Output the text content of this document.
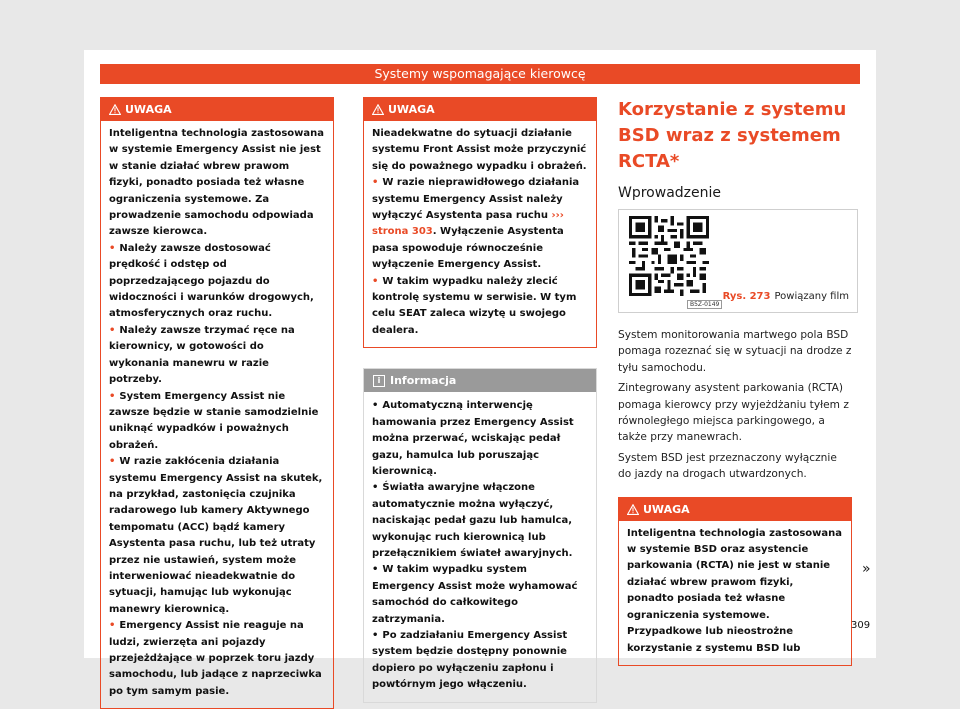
Systemy wspomagające kierowcę
UWAGA

Inteligentna technologia zastosowana w systemie Emergency Assist nie jest w stanie działać wbrew prawom fizyki, ponadto posiada też własne ograniczenia systemowe. Za prowadzenie samochodu odpowiada zawsze kierowca.

• Należy zawsze dostosować prędkość i odstęp od poprzedzającego pojazdu do widoczności i warunków drogowych, atmosferycznych oraz ruchu.

• Należy zawsze trzymać ręce na kierownicy, w gotowości do wykonania manewru w razie potrzeby.

• System Emergency Assist nie zawsze będzie w stanie samodzielnie uniknąć wypadków i poważnych obrażeń.

• W razie zakłócenia działania systemu Emergency Assist na skutek, na przykład, zastonięcia czujnika radarowego lub kamery Aktywnego tempomatu (ACC) bądź kamery Asystenta pasa ruchu, lub też utraty przez nie ustawień, system może interweniować nieadekwatnie do sytuacji, hamując lub wykonując manewry kierownicą.

• Emergency Assist nie reaguje na ludzi, zwierzęta ani pojazdy przejeżdżające w poprzek toru jazdy samochodu, lub jadące z naprzeciwka po tym samym pasie.

UWAGA

Nieadekwatne do sytuacji działanie systemu Front Assist może przyczynić się do poważnego wypadku i obrażeń.

• W razie nieprawidłowego działania systemu Emergency Assist należy wyłączyć Asystenta pasa ruchu ››› strona 303. Wyłączenie Asystenta pasa spowoduje równocześnie wyłączenie Emergency Assist.

• W takim wypadku należy zlecić kontrolę systemu w serwisie. W tym celu SEAT zaleca wizytę u swojego dealera.

i Informacja

• Automatyczną interwencję hamowania przez Emergency Assist można przerwać, wciskając pedał gazu, hamulca lub poruszając kierownicą.

• Światła awaryjne włączone automatycznie można wyłączyć, naciskając pedał gazu lub hamulca, wykonując ruch kierownicą lub przełącznikiem świateł awaryjnych.

• W takim wypadku system Emergency Assist może wyhamować samochód do całkowitego zatrzymania.

• Po zadziałaniu Emergency Assist system będzie dostępny ponownie dopiero po wyłączeniu zapłonu i powtórnym jego włączeniu.

Korzystanie z systemu BSD wraz z systemem RCTA*
Wprowadzenie
B5Z-0149
Rys. 273 Powiązany film

System monitorowania martwego pola BSD pomaga rozeznać się w sytuacji na drodze z tyłu samochodu.

Zintegrowany asystent parkowania (RCTA) pomaga kierowcy przy wyjeżdżaniu tyłem z równoległego miejsca parkingowego, a także przy manewrach.

System BSD jest przeznaczony wyłącznie do jazdy na drogach utwardzonych.

UWAGA

Inteligentna technologia zastosowana w systemie BSD oraz asystencie parkowania (RCTA) nie jest w stanie działać wbrew prawom fizyki, ponadto posiada też własne ograniczenia systemowe. Przypadkowe lub nieostrożne korzystanie z systemu BSD lub

»
309
